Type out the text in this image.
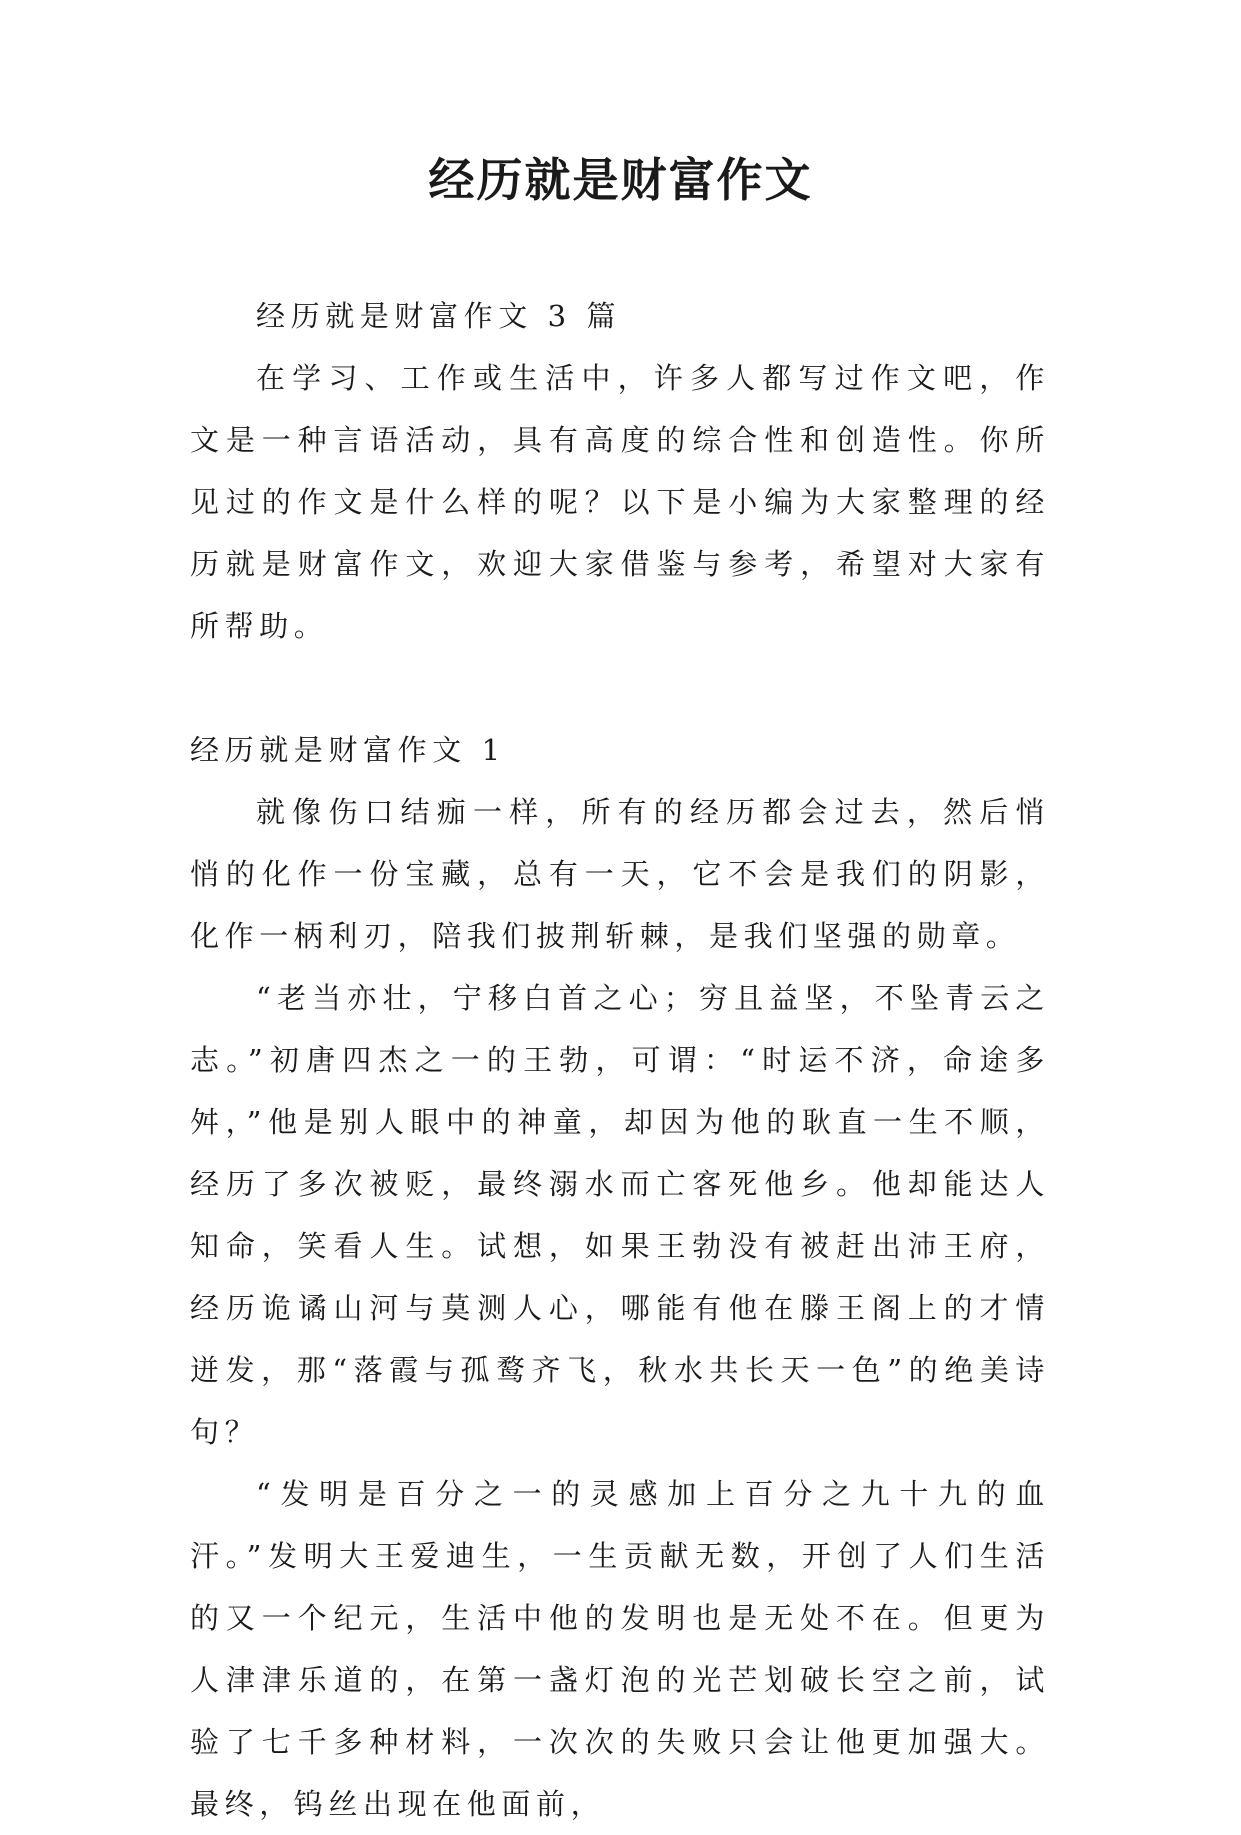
经历就是财富作文

经历就是财富作文 3 篇

在学习、工作或生活中，许多人都写过作文吧，作文是一种言语活动，具有高度的综合性和创造性。你所见过的作文是什么样的呢？以下是小编为大家整理的经历就是财富作文，欢迎大家借鉴与参考，希望对大家有所帮助。

经历就是财富作文 1

就像伤口结痂一样，所有的经历都会过去，然后悄悄的化作一份宝藏，总有一天，它不会是我们的阴影，化作一柄利刃，陪我们披荆斩棘，是我们坚强的勋章。

“老当亦壮，宁移白首之心；穷且益坚，不坠青云之志。”初唐四杰之一的王勃，可谓：“时运不济，命途多舛，”他是别人眼中的神童，却因为他的耿直一生不顺，经历了多次被贬，最终溺水而亡客死他乡。他却能达人知命，笑看人生。试想，如果王勃没有被赶出沛王府，经历诡谲山河与莫测人心，哪能有他在滕王阁上的才情迸发，那“落霞与孤鹜齐飞，秋水共长天一色”的绝美诗句？

“发明是百分之一的灵感加上百分之九十九的血汗。”发明大王爱迪生，一生贡献无数，开创了人们生活的又一个纪元，生活中他的发明也是无处不在。但更为人津津乐道的，在第一盏灯泡的光芒划破长空之前，试验了七千多种材料，一次次的失败只会让他更加强大。最终，钨丝出现在他面前，
